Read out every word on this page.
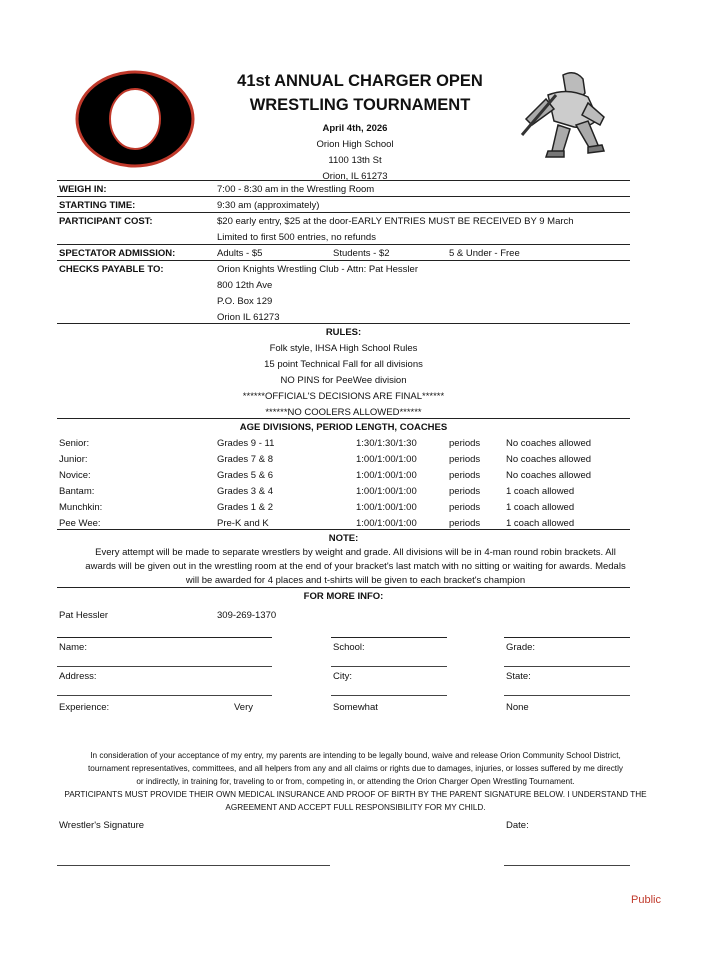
41st ANNUAL CHARGER OPEN
WRESTLING TOURNAMENT
April 4th, 2026
Orion High School
1100 13th St
Orion, IL 61273
WEIGH IN:	7:00 - 8:30 am in the Wrestling Room
STARTING TIME:	9:30 am (approximately)
PARTICIPANT COST:	$20 early entry, $25 at the door-EARLY ENTRIES MUST BE RECEIVED BY 9 March
Limited to first 500 entries, no refunds
SPECTATOR ADMISSION:	Adults - $5	Students - $2	5 & Under - Free
CHECKS PAYABLE TO:	Orion Knights Wrestling Club - Attn: Pat Hessler
800 12th Ave
P.O. Box 129
Orion IL 61273
RULES:
Folk style, IHSA High School Rules
15 point Technical Fall for all divisions
NO PINS for PeeWee division
******OFFICIAL'S DECISIONS ARE FINAL******
******NO COOLERS ALLOWED******
AGE DIVISIONS, PERIOD LENGTH, COACHES
Senior:	Grades 9 - 11	1:30/1:30/1:30	periods	No coaches allowed
Junior:	Grades 7 & 8	1:00/1:00/1:00	periods	No coaches allowed
Novice:	Grades 5 & 6	1:00/1:00/1:00	periods	No coaches allowed
Bantam:	Grades 3 & 4	1:00/1:00/1:00	periods	1 coach allowed
Munchkin:	Grades 1 & 2	1:00/1:00/1:00	periods	1 coach allowed
Pee Wee:	Pre-K and K	1:00/1:00/1:00	periods	1 coach allowed
NOTE:
Every attempt will be made to separate wrestlers by weight and grade. All divisions will be in 4-man round robin brackets. All
awards will be given out in the wrestling room at the end of your bracket's last match with no sitting or waiting for awards. Medals
will be awarded for 4 places and t-shirts will be given to each bracket's champion
FOR MORE INFO:
Pat Hessler	309-269-1370
Name:	School:	Grade:
Address:	City:	State:
Experience:	Very	Somewhat	None
In consideration of your acceptance of my entry, my parents are intending to be legally bound, waive and release Orion Community School District,
tournament representatives, committees, and all helpers from any and all claims or rights due to damages, injuries, or losses suffered by me directly
or indirectly, in training for, traveling to or from, competing in, or attending the Orion Charger Open Wrestling Tournament.
PARTICIPANTS MUST PROVIDE THEIR OWN MEDICAL INSURANCE AND PROOF OF BIRTH BY THE PARENT SIGNATURE BELOW. I UNDERSTAND THE
AGREEMENT AND ACCEPT FULL RESPONSIBILITY FOR MY CHILD.
Wrestler's Signature	Date:
Public
